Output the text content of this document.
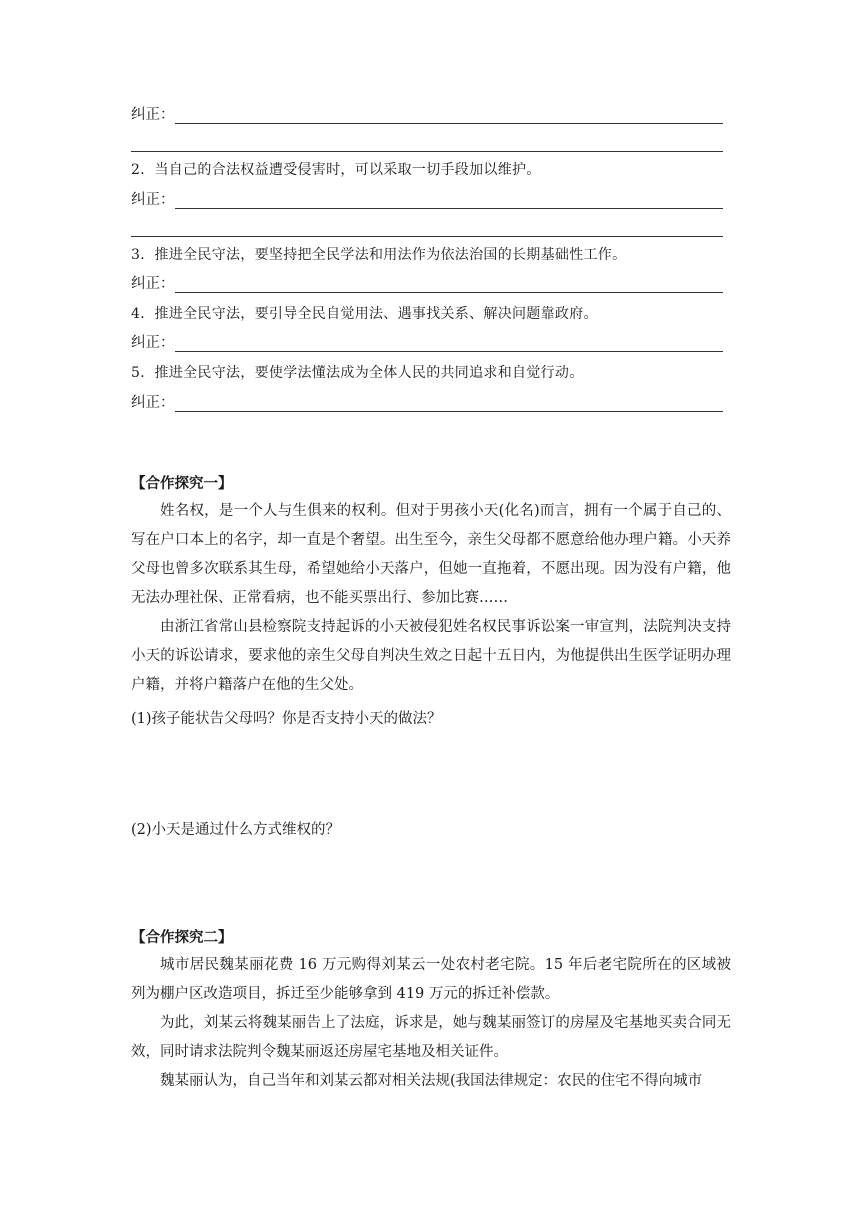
纠正：
2．当自己的合法权益遭受侵害时，可以采取一切手段加以维护。
纠正：
3．推进全民守法，要坚持把全民学法和用法作为依法治国的长期基础性工作。
纠正：
4．推进全民守法，要引导全民自觉用法、遇事找关系、解决问题靠政府。
纠正：
5．推进全民守法，要使学法懂法成为全体人民的共同追求和自觉行动。
纠正：
【合作探究一】

姓名权，是一个人与生俱来的权利。但对于男孩小天(化名)而言，拥有一个属于自己的、写在户口本上的名字，却一直是个奢望。出生至今，亲生父母都不愿意给他办理户籍。小天养父母也曾多次联系其生母，希望她给小天落户，但她一直拖着，不愿出现。因为没有户籍，他无法办理社保、正常看病，也不能买票出行、参加比赛……

由浙江省常山县检察院支持起诉的小天被侵犯姓名权民事诉讼案一审宣判，法院判决支持小天的诉讼请求，要求他的亲生父母自判决生效之日起十五日内，为他提供出生医学证明办理户籍，并将户籍落户在他的生父处。

(1)孩子能状告父母吗？你是否支持小天的做法？
(2)小天是通过什么方式维权的？
【合作探究二】

城市居民魏某丽花费 16 万元购得刘某云一处农村老宅院。15 年后老宅院所在的区域被列为棚户区改造项目，拆迁至少能够拿到 419 万元的拆迁补偿款。

为此，刘某云将魏某丽告上了法庭，诉求是，她与魏某丽签订的房屋及宅基地买卖合同无效，同时请求法院判令魏某丽返还房屋宅基地及相关证件。

魏某丽认为，自己当年和刘某云都对相关法规(我国法律规定：农民的住宅不得向城市
